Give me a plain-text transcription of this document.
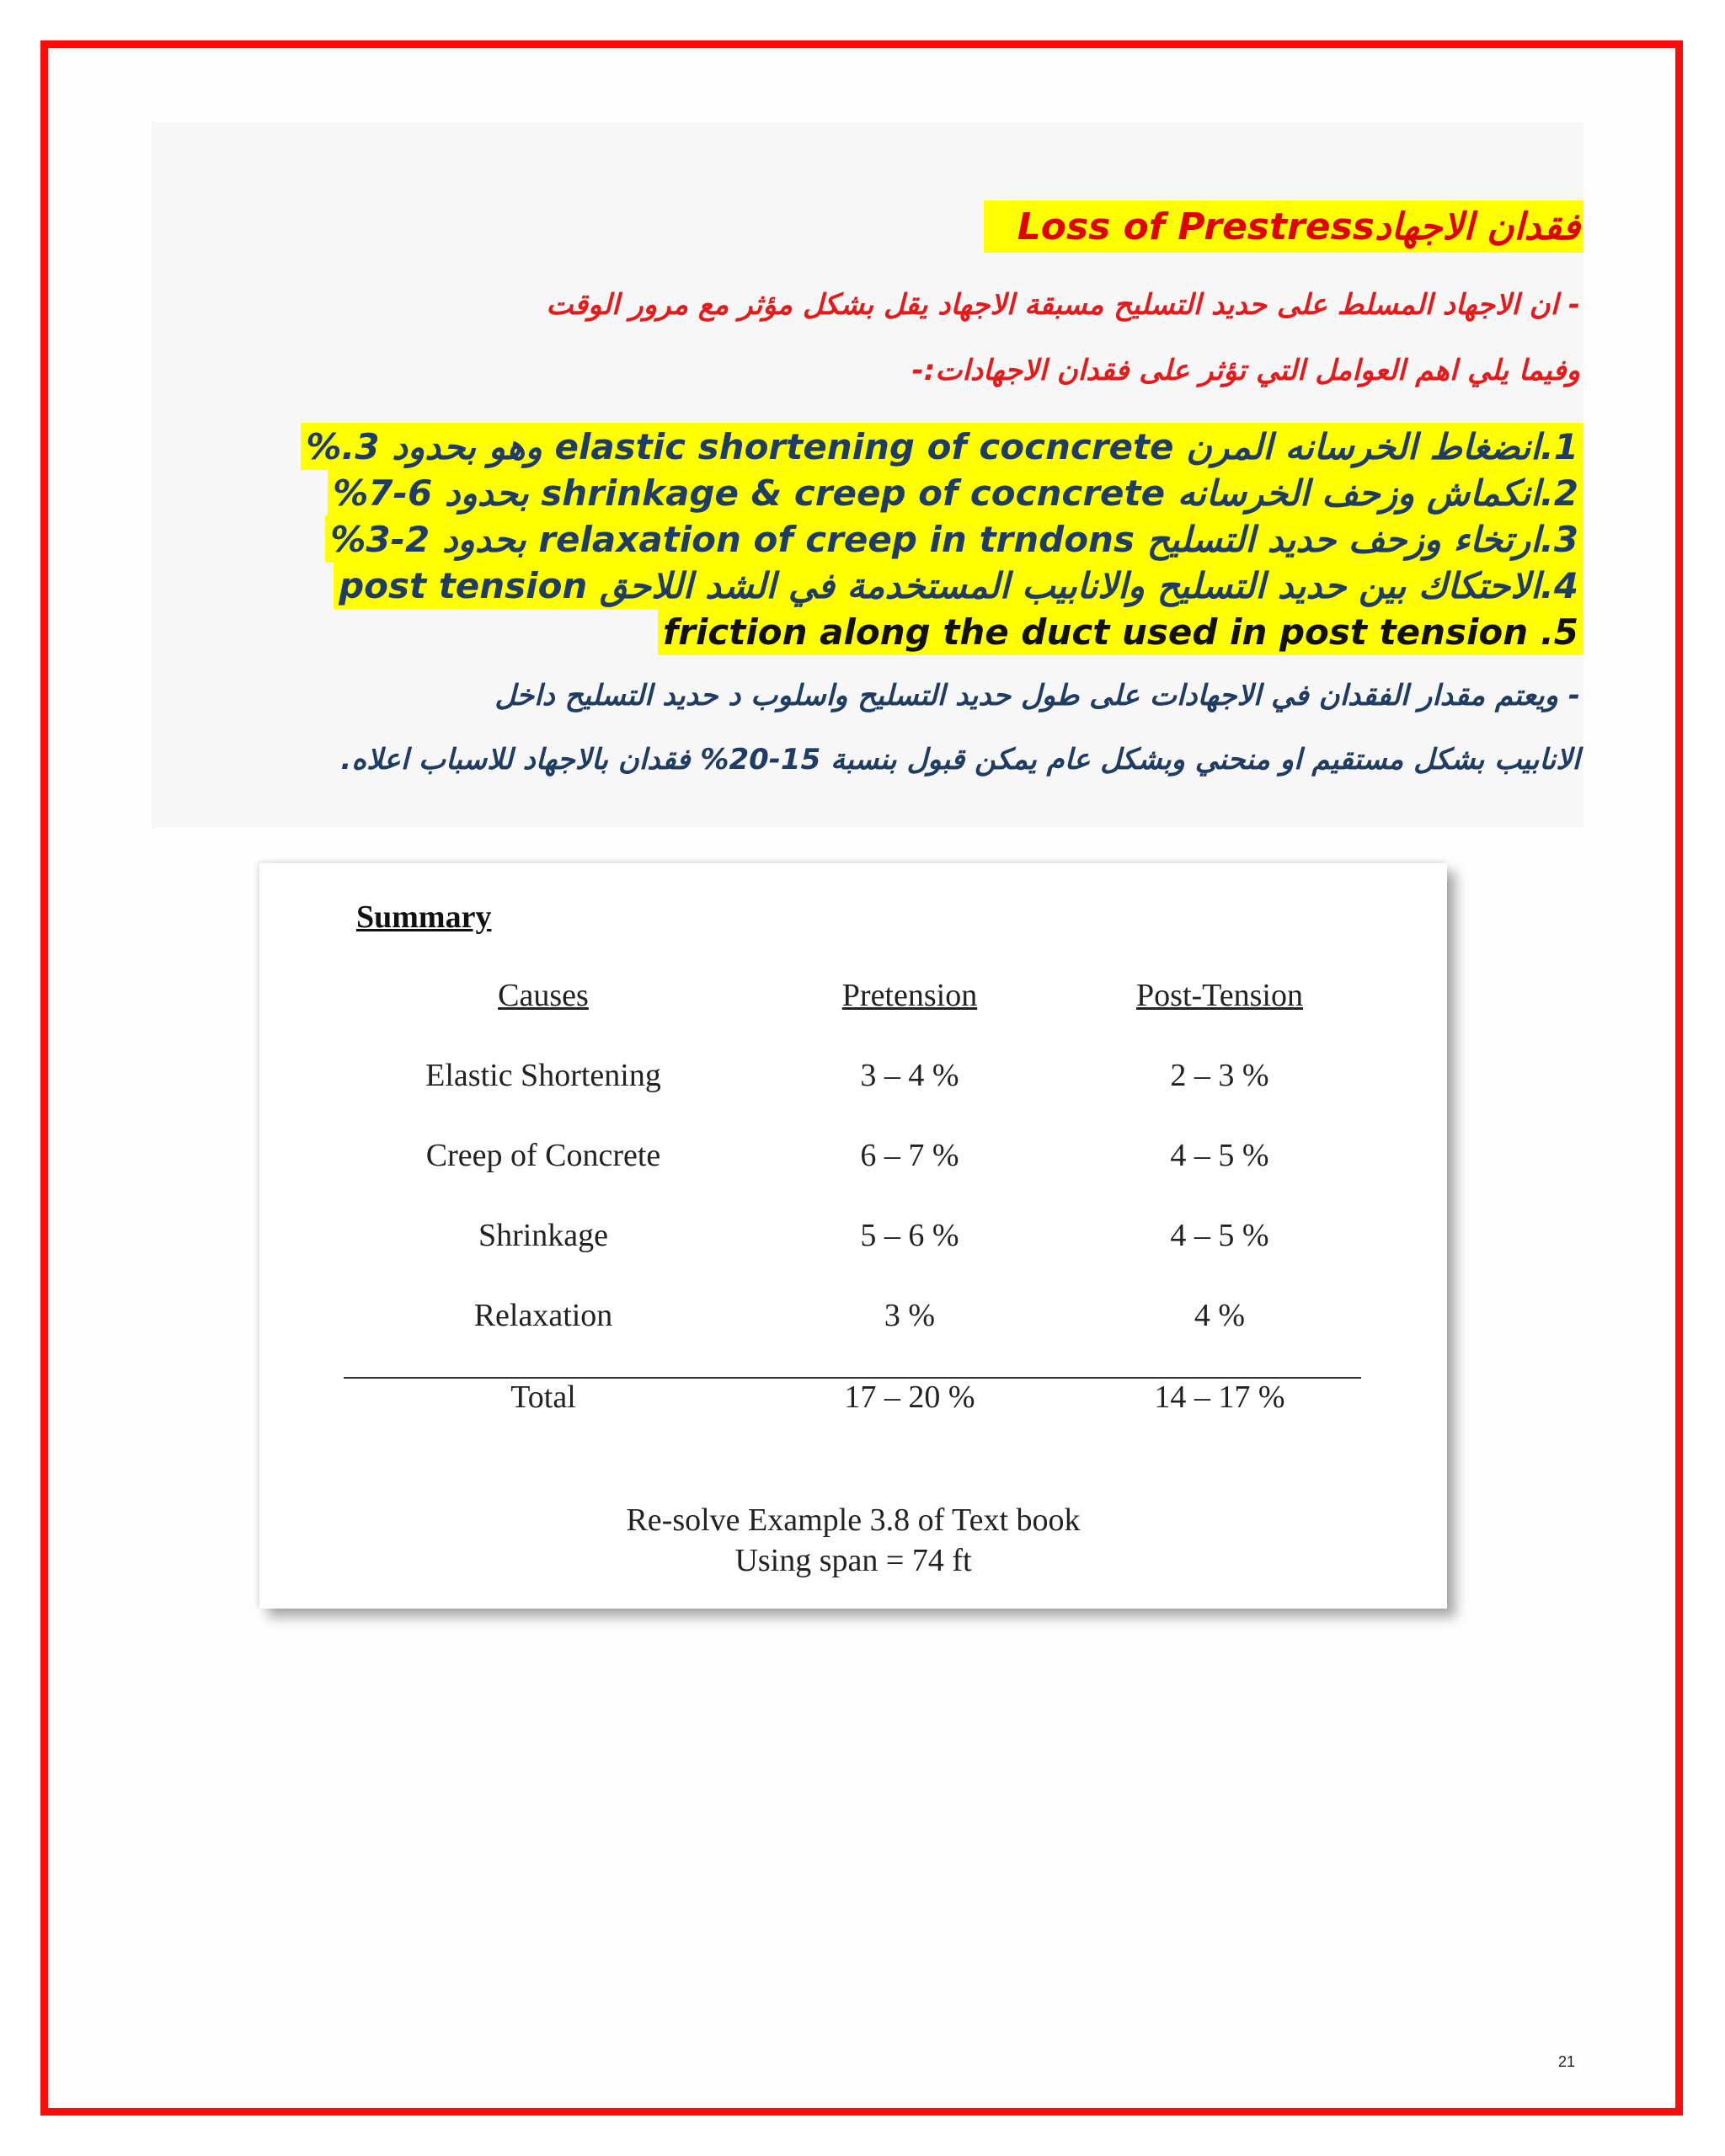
فقدان الاجهادLoss of Prestress
- ان الاجهاد المسلط على حديد التسليح مسبقة الاجهاد يقل بشكل مؤثر مع مرور الوقت
وفيما يلي اهم العوامل التي تؤثر على فقدان الاجهادات:-
1.انضغاط الخرسانه المرن elastic shortening of cocncrete وهو بحدود 3.%
2.انكماش وزحف الخرسانه shrinkage & creep of cocncrete بحدود 6-7%
3.ارتخاء وزحف حديد التسليح relaxation of creep in trndons بحدود 2-3%
4.الاحتكاك بين حديد التسليح والانابيب المستخدمة في الشد اللاحق post tension
friction along the duct used in post tension .5
- ويعتم مقدار الفقدان في الاجهادات على طول حديد التسليح واسلوب د حديد التسليح داخل
الانابيب بشكل مستقيم او منحني وبشكل عام يمكن قبول بنسبة 15-20% فقدان بالاجهاد للاسباب اعلاه.
Summary
Causes	Pretension	Post-Tension
Elastic Shortening	3 – 4 %	2 – 3 %
Creep of Concrete	6 – 7 %	4 – 5 %
Shrinkage	5 – 6 %	4 – 5 %
Relaxation	3 %	4 %
Total	17 – 20 %	14 – 17 %
Re-solve Example 3.8 of Text book
Using span = 74 ft
21
